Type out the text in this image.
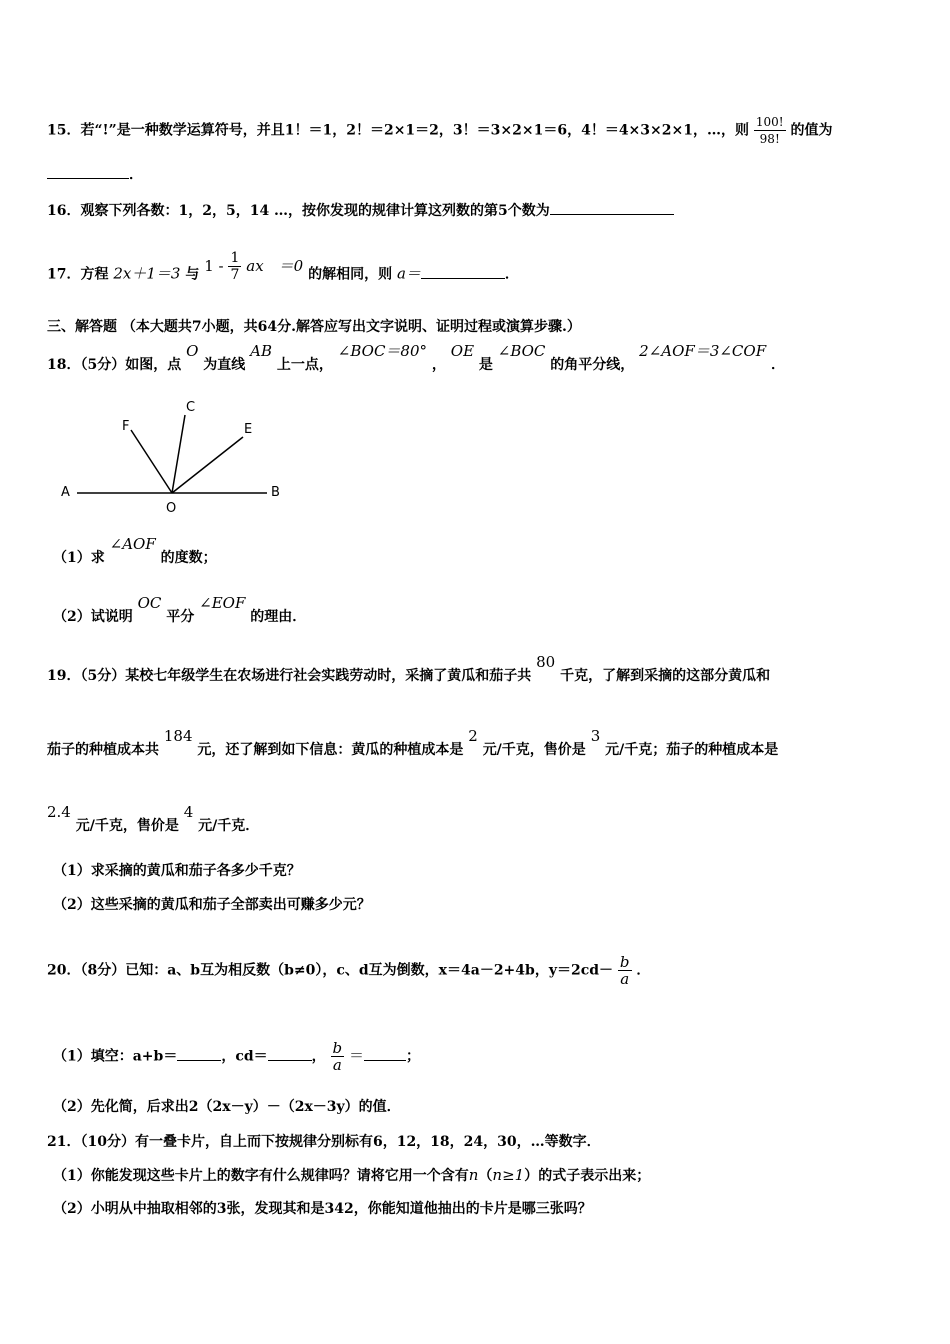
15．若“!”是一种数学运算符号，并且1！＝1，2！＝2×1＝2，3！＝3×2×1＝6，4！＝4×3×2×1，…，则 $\frac{100!}{98!}$ 的值为
．
16．观察下列各数：1，2，5，14 …，按你发现的规律计算这列数的第5个数为
17．方程 2x＋1＝3 与 $1 - \frac{1}{7}$ ax　＝0 的解相同，则 a＝	．
三、解答题 （本大题共7小题，共64分.解答应写出文字说明、证明过程或演算步骤.）
18．（5分）如图，点 O 为直线 AB 上一点， ∠BOC＝80° ， OE 是 ∠BOC 的角平分线， 2∠AOF＝3∠COF ．
A	B
O
F
C
E
（1）求 ∠AOF 的度数；
（2）试说明 OC 平分 ∠EOF 的理由．
19．（5分）某校七年级学生在农场进行社会实践劳动时，采摘了黄瓜和茄子共 80 千克，了解到采摘的这部分黄瓜和
茄子的种植成本共 184 元，还了解到如下信息：黄瓜的种植成本是 2 元/千克，售价是 3 元/千克；茄子的种植成本是
2.4 元/千克，售价是 4 元/千克．
（1）求采摘的黄瓜和茄子各多少千克？
（2）这些采摘的黄瓜和茄子全部卖出可赚多少元？
20．（8分）已知：a、b互为相反数（b≠0），c、d互为倒数，x＝4a－2+4b，$y=2cd- \frac{b}{a}$ ．
（1）填空：a+b＝	，cd＝	， $\frac{b}{a}$ ＝	；
（2）先化简，后求出2（2x－y）－（2x－3y）的值．
21．（10分）有一叠卡片，自上而下按规律分别标有6，12，18，24，30，…等数字．
（1）你能发现这些卡片上的数字有什么规律吗？请将它用一个含有n（n≥1）的式子表示出来；
（2）小明从中抽取相邻的3张，发现其和是342，你能知道他抽出的卡片是哪三张吗？
